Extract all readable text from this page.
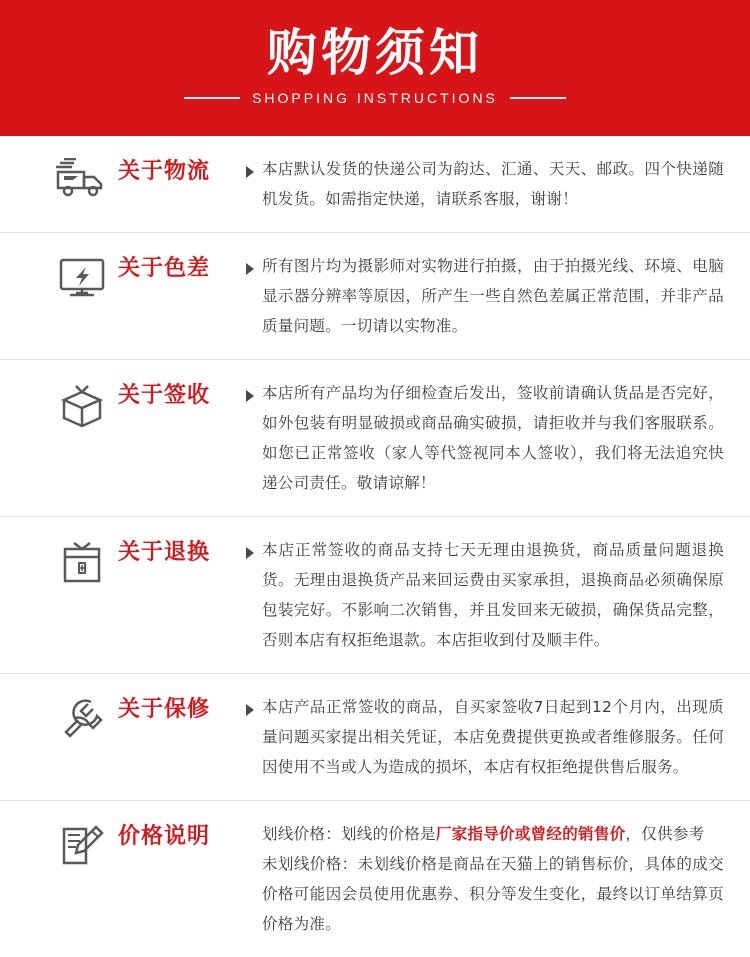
购物须知
SHOPPING INSTRUCTIONS
关于物流	本店默认发货的快递公司为韵达、汇通、天天、邮政。四个快递随机发货。如需指定快递，请联系客服，谢谢！

关于色差	所有图片均为摄影师对实物进行拍摄，由于拍摄光线、环境、电脑显示器分辨率等原因，所产生一些自然色差属正常范围，并非产品质量问题。一切请以实物准。

关于签收	本店所有产品均为仔细检查后发出，签收前请确认货品是否完好，如外包装有明显破损或商品确实破损，请拒收并与我们客服联系。如您已正常签收（家人等代签视同本人签收），我们将无法追究快递公司责任。敬请谅解！

关于退换	本店正常签收的商品支持七天无理由退换货，商品质量问题退换货。无理由退换货产品来回运费由买家承担，退换商品必须确保原包装完好。不影响二次销售，并且发回来无破损，确保货品完整，否则本店有权拒绝退款。本店拒收到付及顺丰件。

关于保修	本店产品正常签收的商品，自买家签收7日起到12个月内，出现质量问题买家提出相关凭证，本店免费提供更换或者维修服务。任何因使用不当或人为造成的损坏，本店有权拒绝提供售后服务。

价格说明	划线价格：划线的价格是厂家指导价或曾经的销售价，仅供参考

未划线价格：未划线价格是商品在天猫上的销售标价，具体的成交价格可能因会员使用优惠券、积分等发生变化，最终以订单结算页价格为准。
